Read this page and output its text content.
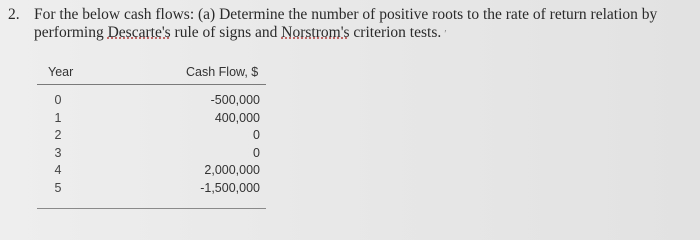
2. For the below cash flows: (a) Determine the number of positive roots to the rate of return relation by performing Descarte's rule of signs and Norstrom's criterion tests. ′
Year	Cash Flow, $
0
1
2
3
4
5
-500,000
400,000
0
0
2,000,000
-1,500,000
